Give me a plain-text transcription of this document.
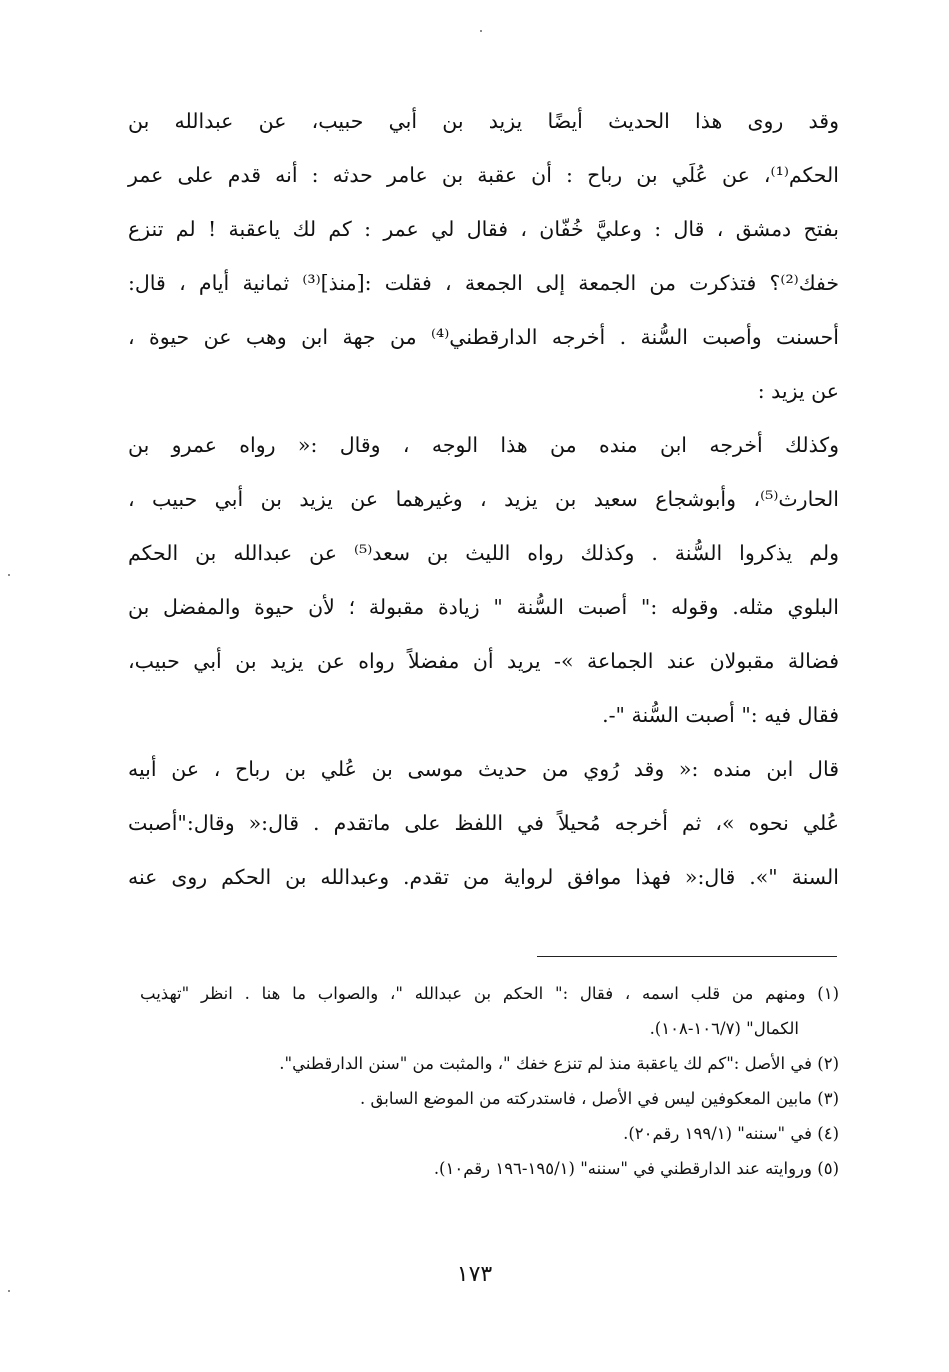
وقد روى هذا الحديث أيضًا يزيد بن أبي حبيب، عن عبدالله بن
الحكم⁽¹⁾، عن عُلَي بن رباح : أن عقبة بن عامر حدثه : أنه قدم على عمر
بفتح دمشق ، قال : وعليَّ خُفّان ، فقال لي عمر : كم لك ياعقبة ! لم تنزع
خفك⁽²⁾؟ فتذكرت من الجمعة إلى الجمعة ، فقلت :[منذ]⁽³⁾ ثمانية أيام ، قال:
أحسنت وأصبت السُّنة . أخرجه الدارقطني⁽⁴⁾ من جهة ابن وهب عن حيوة ،
عن يزيد :
وكذلك أخرجه ابن منده من هذا الوجه ، وقال :« رواه عمرو بن
الحارث⁽⁵⁾، وأبوشجاع سعيد بن يزيد ، وغيرهما عن يزيد بن أبي حبيب ،
ولم يذكروا السُّنة . وكذلك رواه الليث بن سعد⁽⁵⁾ عن عبدالله بن الحكم
البلوي مثله. وقوله :" أصبت السُّنة " زيادة مقبولة ؛ لأن حيوة والمفضل بن
فضالة مقبولان عند الجماعة »- يريد أن مفضلاً رواه عن يزيد بن أبي حبيب،
فقال فيه :" أصبت السُّنة "-.
قال ابن منده :« وقد رُوي من حديث موسى بن عُلي بن رباح ، عن أبيه
عُلي نحوه »، ثم أخرجه مُحيلاً في اللفظ على ماتقدم . قال:« وقال:"أصبت
السنة "». قال:« فهذا موافق لرواية من تقدم. وعبدالله بن الحكم روى عنه
(١) ومنهم من قلب اسمه ، فقال :" الحكم بن عبدالله "، والصواب ما هنا . انظر "تهذيب
الكمال" (١٠٦/٧-١٠٨).
(٢) في الأصل :"كم لك ياعقبة منذ لم تنزع خفك "، والمثبت من "سنن الدارقطني".
(٣) مابين المعكوفين ليس في الأصل ، فاستدركته من الموضع السابق .
(٤) في "سننه" (١٩٩/١ رقم٢٠).
(٥) وروايته عند الدارقطني في "سننه" (١٩٥/١-١٩٦ رقم١٠).
١٧٣
